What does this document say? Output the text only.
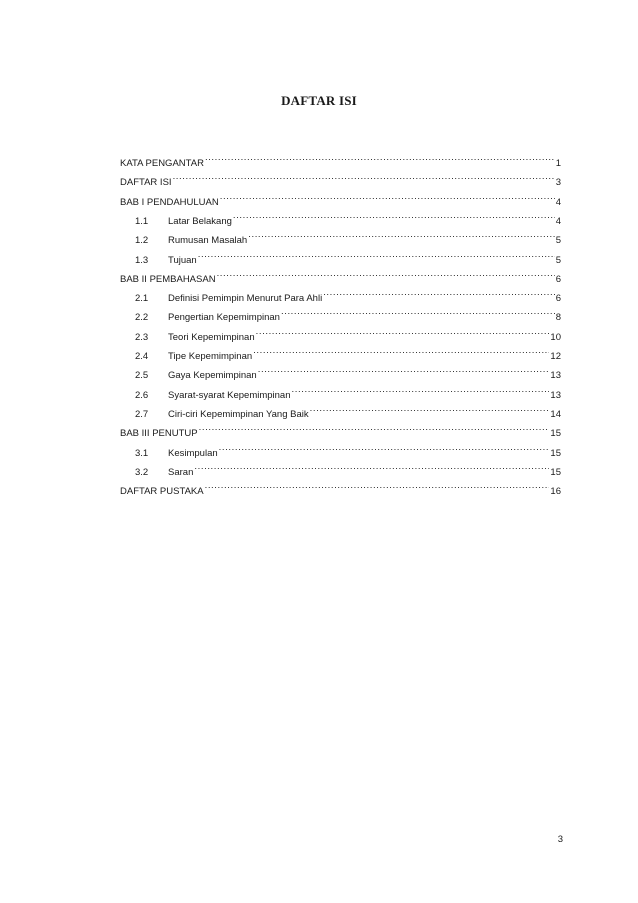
DAFTAR ISI
KATA PENGANTAR .....	1
DAFTAR ISI .....	3
BAB I PENDAHULUAN .....	4
1.1 Latar Belakang .....	4
1.2 Rumusan Masalah .....	5
1.3 Tujuan .....	5
BAB II PEMBAHASAN .....	6
2.1 Definisi Pemimpin Menurut Para Ahli .....	6
2.2 Pengertian Kepemimpinan .....	8
2.3 Teori Kepemimpinan .....	10
2.4 Tipe Kepemimpinan .....	12
2.5 Gaya Kepemimpinan .....	13
2.6 Syarat-syarat Kepemimpinan .....	13
2.7 Ciri-ciri Kepemimpinan Yang Baik .....	14
BAB III PENUTUP .....	15
3.1 Kesimpulan .....	15
3.2 Saran .....	15
DAFTAR PUSTAKA .....	16
3
